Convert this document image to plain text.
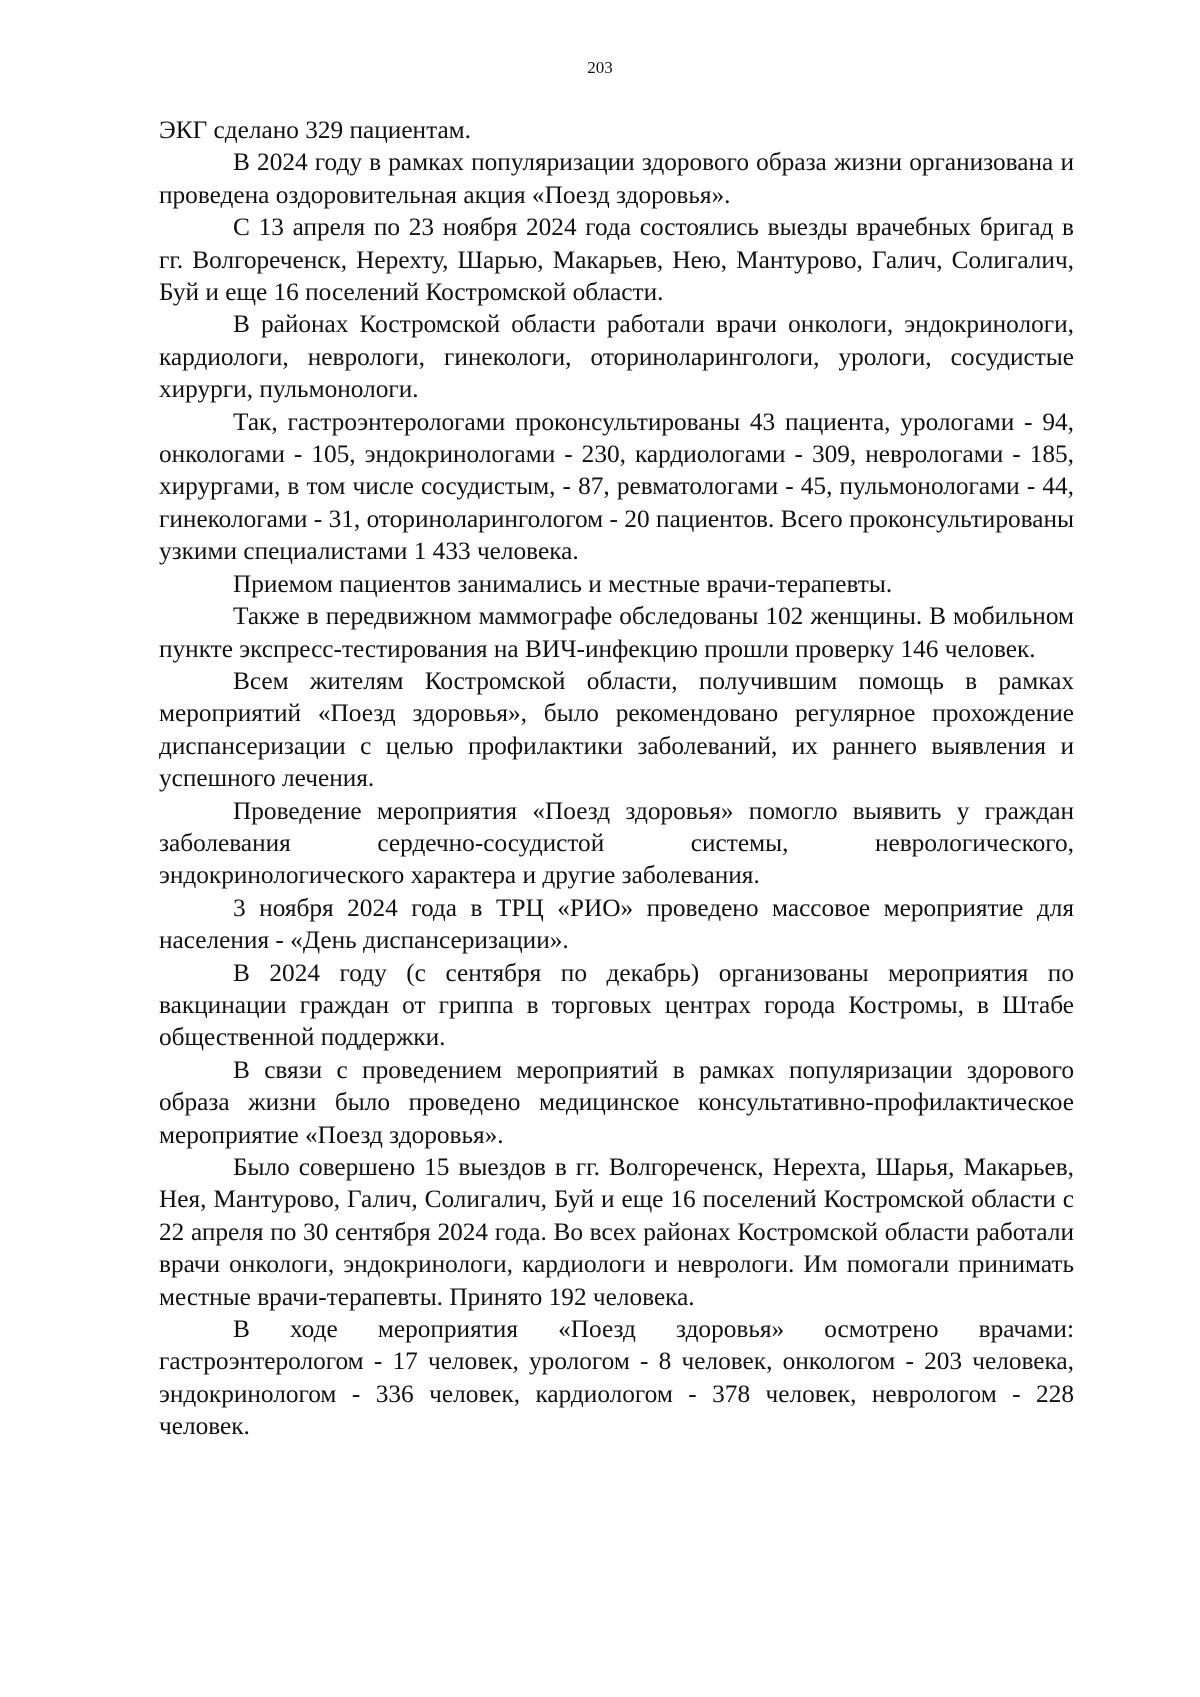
203

ЭКГ сделано 329 пациентам.

В 2024 году в рамках популяризации здорового образа жизни организована и проведена оздоровительная акция «Поезд здоровья».

С 13 апреля по 23 ноября 2024 года состоялись выезды врачебных бригад в гг. Волгореченск, Нерехту, Шарью, Макарьев, Нею, Мантурово, Галич, Солигалич, Буй и еще 16 поселений Костромской области.

В районах Костромской области работали врачи онкологи, эндокринологи, кардиологи, неврологи, гинекологи, оториноларингологи, урологи, сосудистые хирурги, пульмонологи.

Так, гастроэнтерологами проконсультированы 43 пациента, урологами - 94, онкологами - 105, эндокринологами - 230, кардиологами - 309, неврологами - 185, хирургами, в том числе сосудистым, - 87, ревматологами - 45, пульмонологами - 44, гинекологами - 31, оториноларингологом - 20 пациентов. Всего проконсультированы узкими специалистами 1 433 человека.

Приемом пациентов занимались и местные врачи-терапевты.

Также в передвижном маммографе обследованы 102 женщины. В мобильном пункте экспресс-тестирования на ВИЧ-инфекцию прошли проверку 146 человек.

Всем жителям Костромской области, получившим помощь в рамках мероприятий «Поезд здоровья», было рекомендовано регулярное прохождение диспансеризации с целью профилактики заболеваний, их раннего выявления и успешного лечения.

Проведение мероприятия «Поезд здоровья» помогло выявить у граждан заболевания сердечно-сосудистой системы, неврологического, эндокринологического характера и другие заболевания.

3 ноября 2024 года в ТРЦ «РИО» проведено массовое мероприятие для населения - «День диспансеризации».

В 2024 году (с сентября по декабрь) организованы мероприятия по вакцинации граждан от гриппа в торговых центрах города Костромы, в Штабе общественной поддержки.

В связи с проведением мероприятий в рамках популяризации здорового образа жизни было проведено медицинское консультативно-профилактическое мероприятие «Поезд здоровья».

Было совершено 15 выездов в гг. Волгореченск, Нерехта, Шарья, Макарьев, Нея, Мантурово, Галич, Солигалич, Буй и еще 16 поселений Костромской области с 22 апреля по 30 сентября 2024 года. Во всех районах Костромской области работали врачи онкологи, эндокринологи, кардиологи и неврологи. Им помогали принимать местные врачи-терапевты. Принято 192 человека.

В ходе мероприятия «Поезд здоровья» осмотрено врачами: гастроэнтерологом - 17 человек, урологом - 8 человек, онкологом - 203 человека, эндокринологом - 336 человек, кардиологом - 378 человек, неврологом - 228 человек.
